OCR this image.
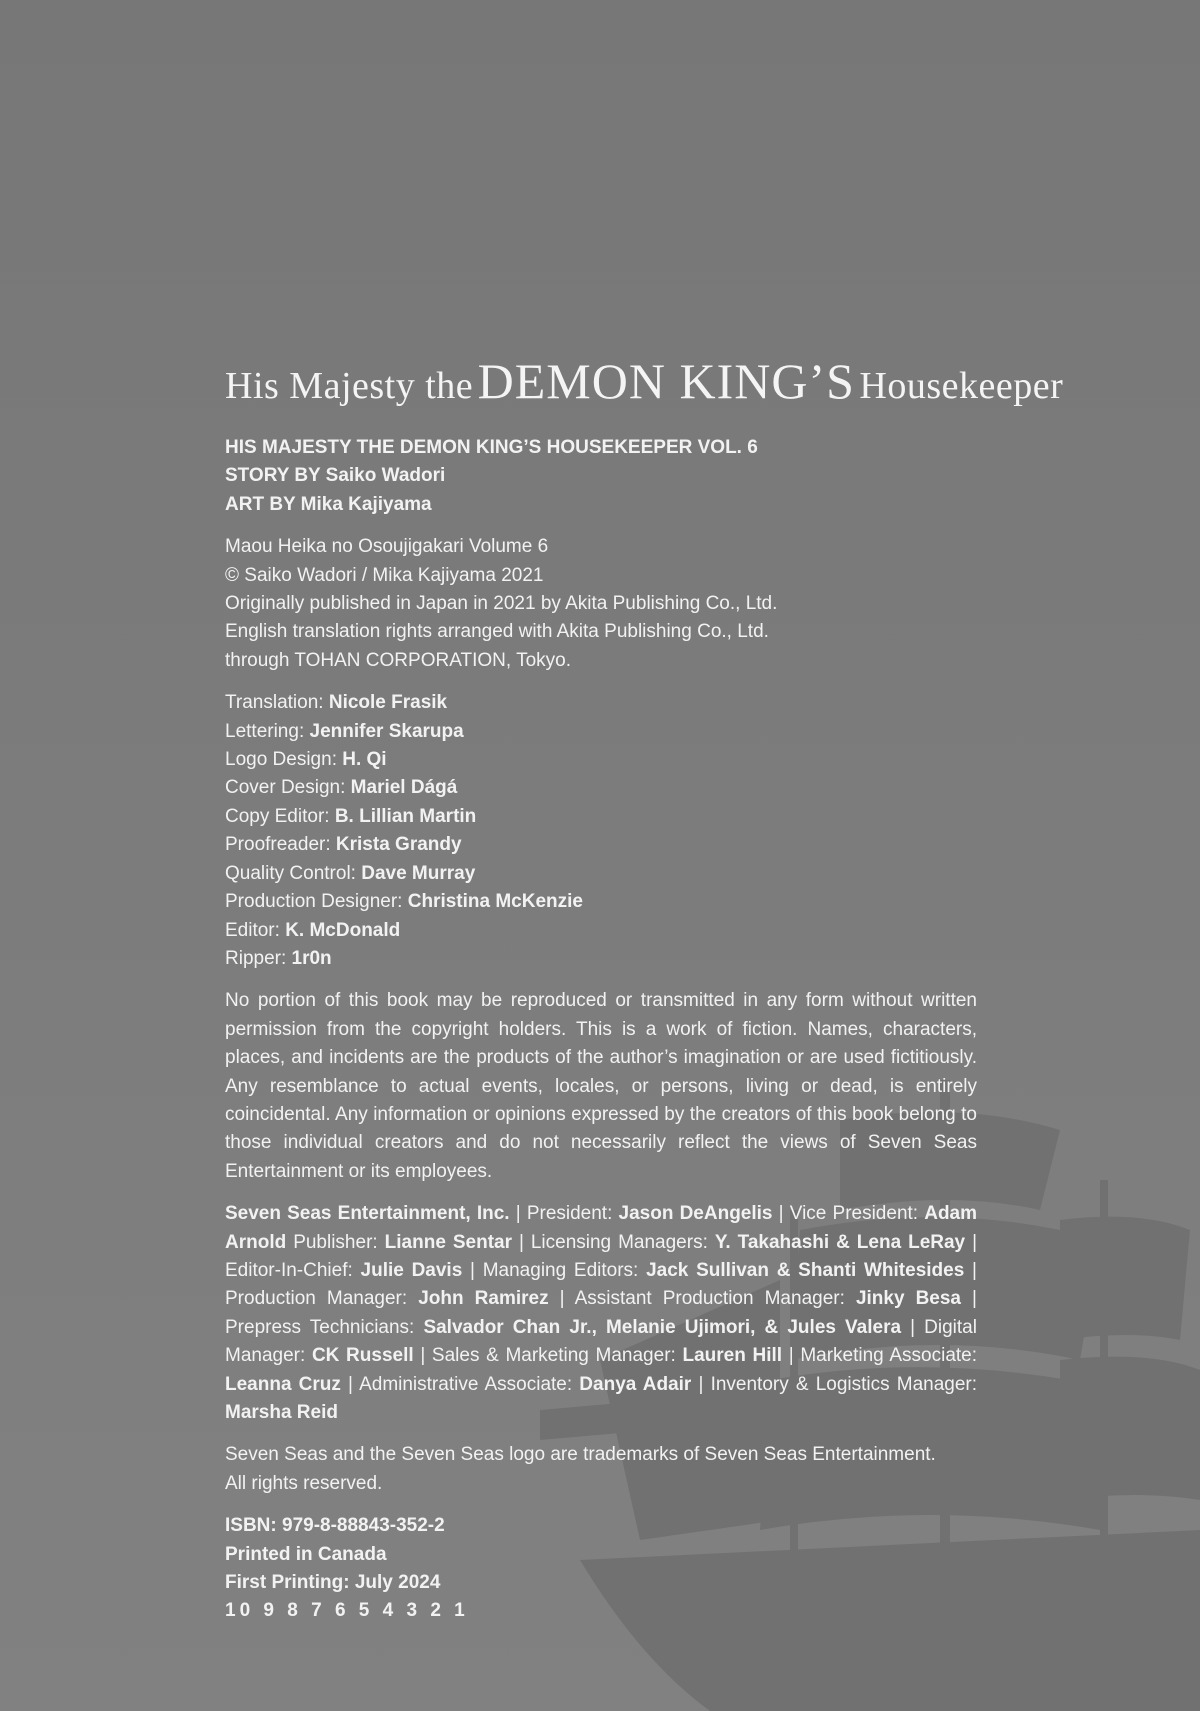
His Majesty the DEMON KING’S Housekeeper

HIS MAJESTY THE DEMON KING’S HOUSEKEEPER VOL. 6

STORY BY Saiko Wadori

ART BY Mika Kajiyama

Maou Heika no Osoujigakari Volume 6

© Saiko Wadori / Mika Kajiyama 2021

Originally published in Japan in 2021 by Akita Publishing Co., Ltd.

English translation rights arranged with Akita Publishing Co., Ltd.

through TOHAN CORPORATION, Tokyo.

Translation: Nicole Frasik

Lettering: Jennifer Skarupa

Logo Design: H. Qi

Cover Design: Mariel Dágá

Copy Editor: B. Lillian Martin

Proofreader: Krista Grandy

Quality Control: Dave Murray

Production Designer: Christina McKenzie

Editor: K. McDonald

Ripper: 1r0n

No portion of this book may be reproduced or transmitted in any form without written permission from the copyright holders. This is a work of fiction. Names, characters, places, and incidents are the products of the author’s imagination or are used fictitiously. Any resemblance to actual events, locales, or persons, living or dead, is entirely coincidental. Any information or opinions expressed by the creators of this book belong to those individual creators and do not necessarily reflect the views of Seven Seas Entertainment or its employees.
Seven Seas Entertainment, Inc. | President: Jason DeAngelis | Vice President: Adam Arnold Publisher: Lianne Sentar | Licensing Managers: Y. Takahashi & Lena LeRay | Editor-In-Chief: Julie Davis | Managing Editors: Jack Sullivan & Shanti Whitesides | Production Manager: John Ramirez | Assistant Production Manager: Jinky Besa | Prepress Technicians: Salvador Chan Jr., Melanie Ujimori, & Jules Valera | Digital Manager: CK Russell | Sales & Marketing Manager: Lauren Hill | Marketing Associate: Leanna Cruz | Administrative Associate: Danya Adair | Inventory & Logistics Manager: Marsha Reid

Seven Seas and the Seven Seas logo are trademarks of Seven Seas Entertainment.

All rights reserved.

ISBN: 979-8-88843-352-2

Printed in Canada

First Printing: July 2024

10 9 8 7 6 5 4 3 2 1
